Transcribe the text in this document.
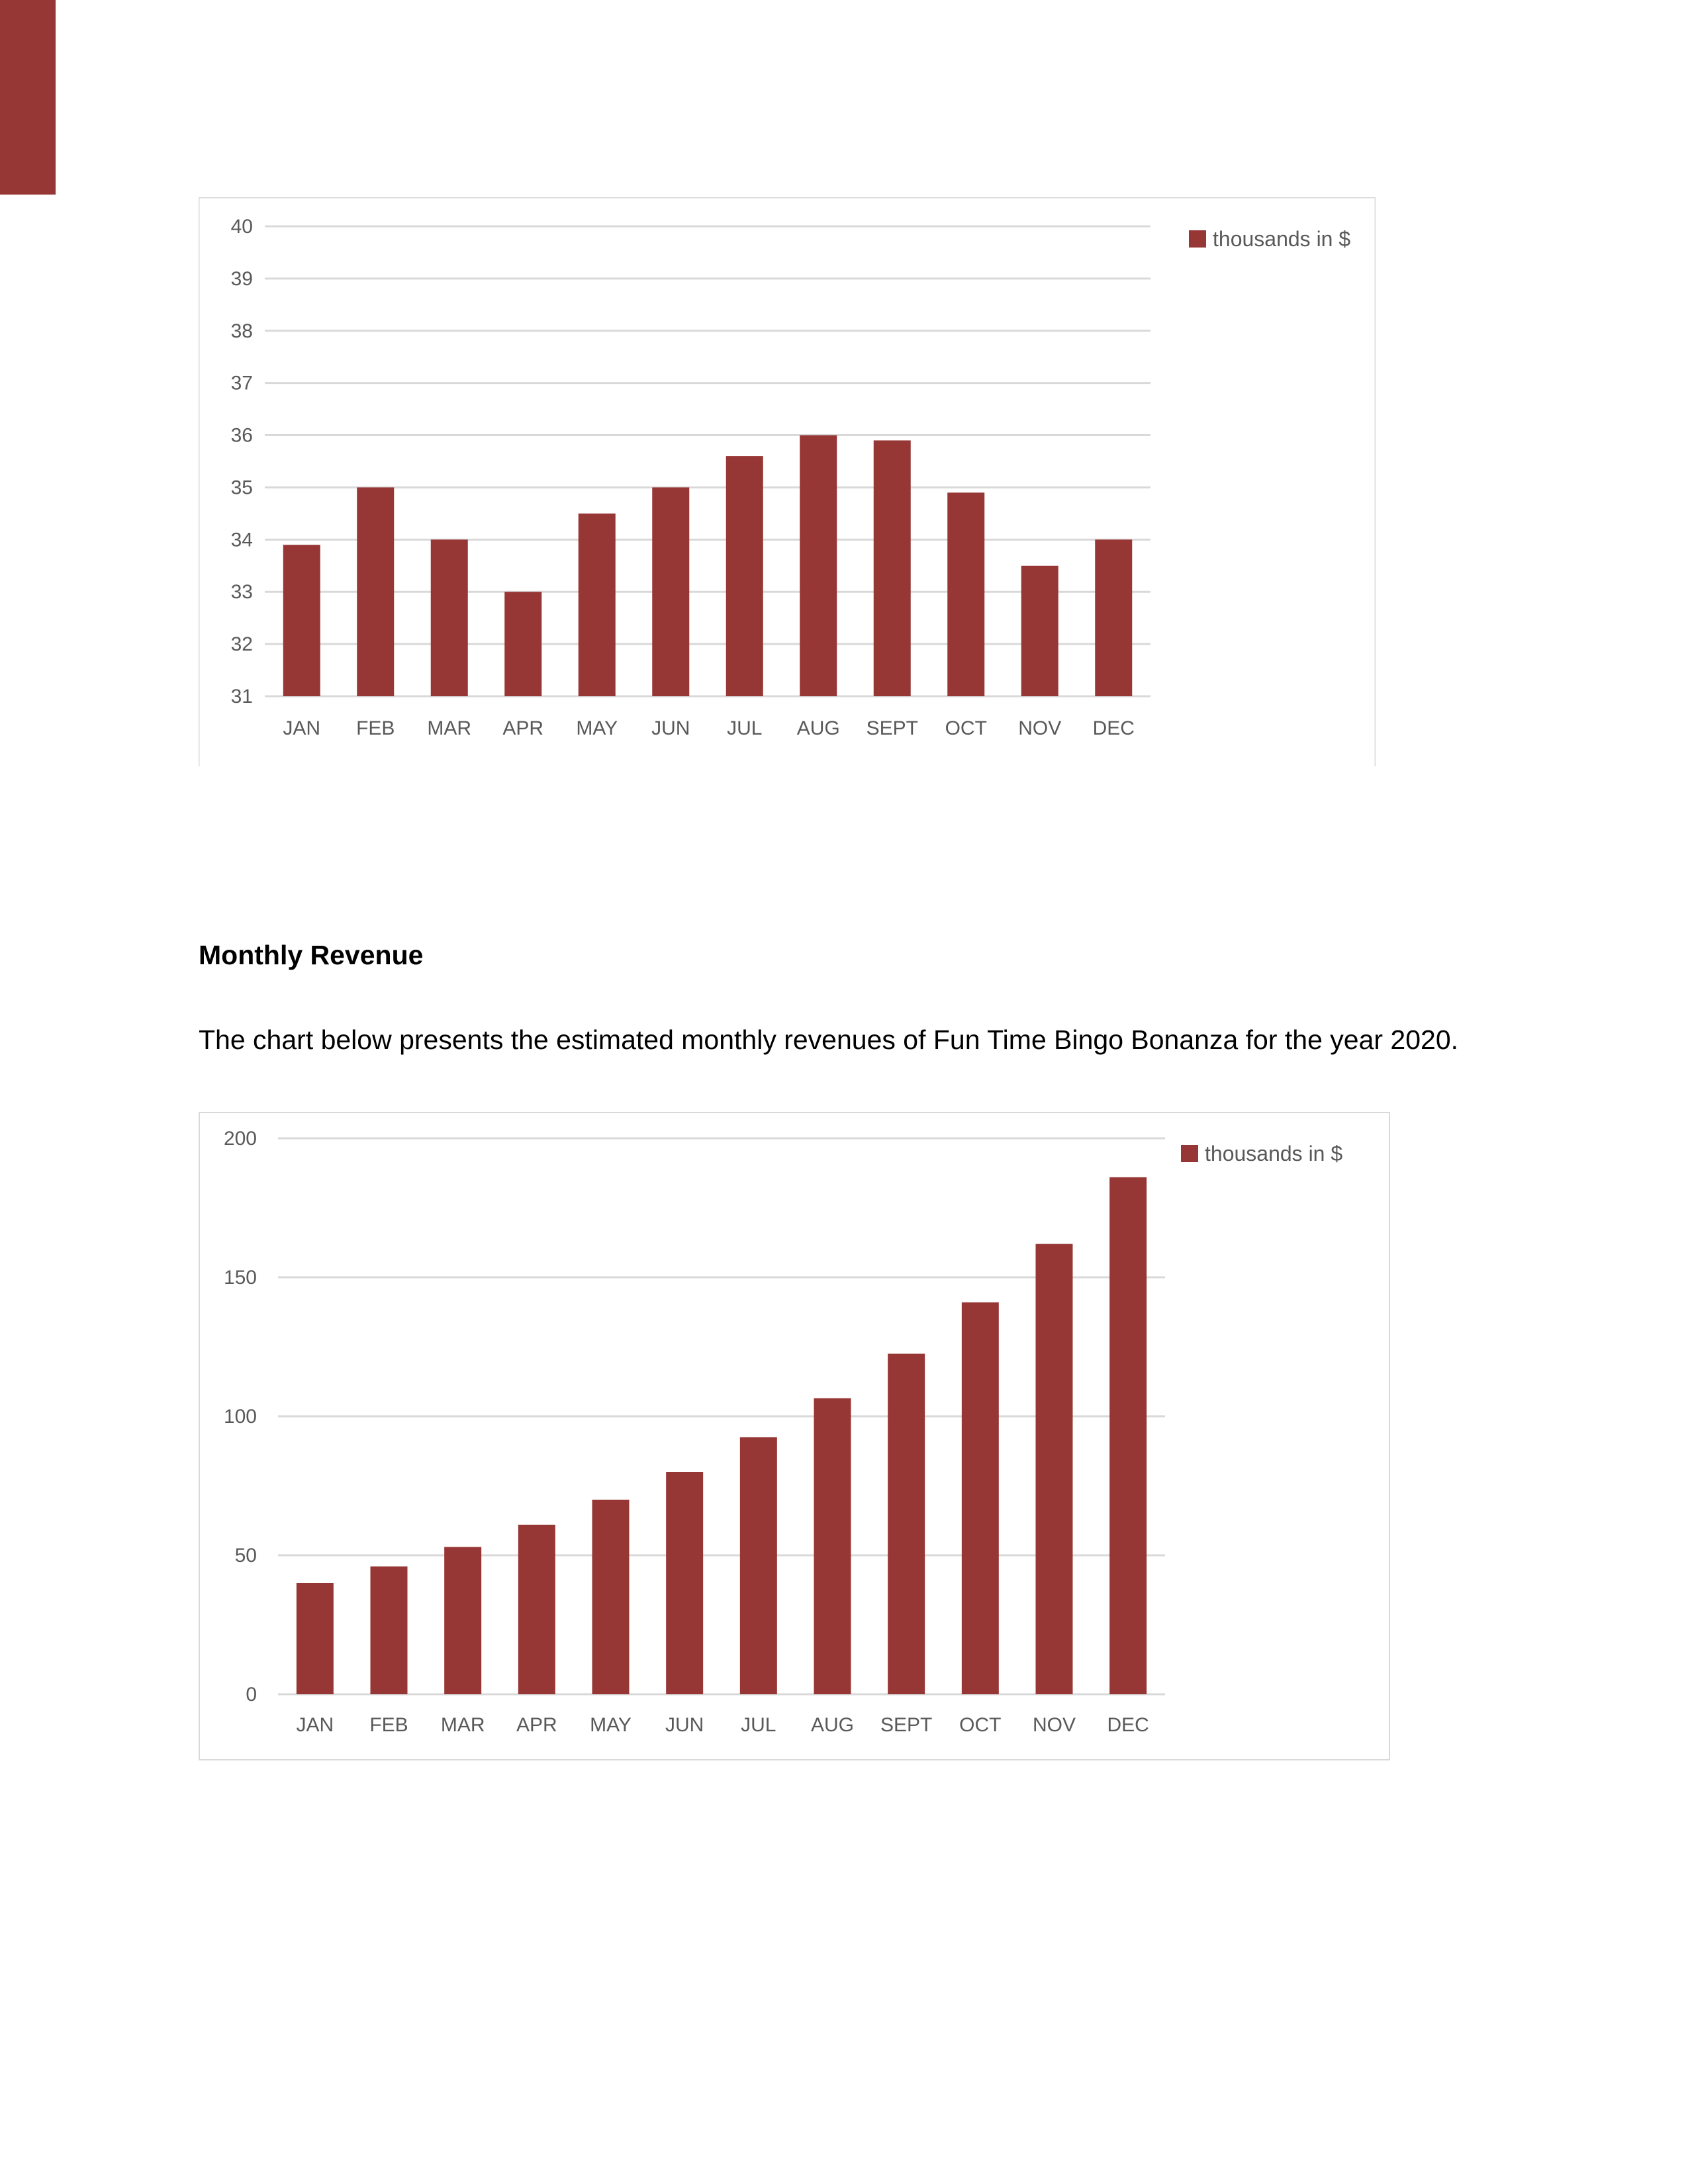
31
32
33
34
35
36
37
38
39
40
JAN FEB MAR APR MAY JUN JUL AUG SEPT OCT NOV DEC
thousands in $
Monthly Revenue

The chart below presents the estimated monthly revenues of Fun Time Bingo Bonanza for the year 2020.

0
50
100
150
200
JAN FEB MAR APR MAY JUN JUL AUG SEPT OCT NOV DEC
thousands in $
